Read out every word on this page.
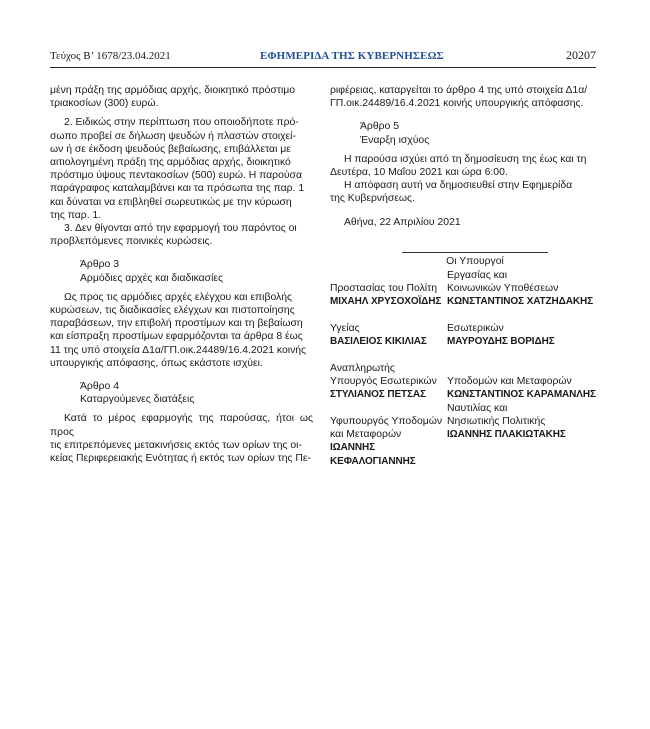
Τεύχος Β’ 1678/23.04.2021	ΕΦΗΜΕΡΙΔΑ ΤΗΣ ΚΥΒΕΡΝΗΣΕΩΣ	20207

μένη πράξη της αρμόδιας αρχής, διοικητικό πρόστιμο

τριακοσίων (300) ευρώ.

2. Ειδικώς στην περίπτωση που οποιοδήποτε πρό-

σωπο προβεί σε δήλωση ψευδών ή πλαστών στοιχεί-

ων ή σε έκδοση ψευδούς βεβαίωσης, επιβάλλεται με

αιτιολογημένη πράξη της αρμόδιας αρχής, διοικητικό

πρόστιμο ύψους πεντακοσίων (500) ευρώ. Η παρούσα

παράγραφος καταλαμβάνει και τα πρόσωπα της παρ. 1

και δύναται να επιβληθεί σωρευτικώς με την κύρωση

της παρ. 1.

3. Δεν θίγονται από την εφαρμογή του παρόντος οι

προβλεπόμενες ποινικές κυρώσεις.

Άρθρο 3

Αρμόδιες αρχές και διαδικασίες

Ως προς τις αρμόδιες αρχές ελέγχου και επιβολής

κυρώσεων, τις διαδικασίες ελέγχων και πιστοποίησης

παραβάσεων, την επιβολή προστίμων και τη βεβαίωση

και είσπραξη προστίμων εφαρμόζονται τα άρθρα 8 έως

11 της υπό στοιχεία Δ1α/ΓΠ.οικ.24489/16.4.2021 κοινής

υπουργικής απόφασης, όπως εκάστοτε ισχύει.

Άρθρο 4

Καταργούμενες διατάξεις

Κατά το μέρος εφαρμογής της παρούσας, ήτοι ως προς

τις επιτρεπόμενες μετακινήσεις εκτός των ορίων της οι-

κείας Περιφερειακής Ενότητας ή εκτός των ορίων της Πε-

ριφέρειας, καταργείται το άρθρο 4 της υπό στοιχεία Δ1α/

ΓΠ.οικ.24489/16.4.2021 κοινής υπουργικής απόφασης.

Άρθρο 5

Έναρξη ισχύος

Η παρούσα ισχύει από τη δημοσίευση της έως και τη

Δευτέρα, 10 Μαΐου 2021 και ώρα 6:00.

Η απόφαση αυτή να δημοσιευθεί στην Εφημερίδα

της Κυβερνήσεως.

Αθήνα, 22 Απριλίου 2021

Οι Υπουργοί
Προστασίας του Πολίτη
ΜΙΧΑΗΛ ΧΡΥΣΟΧΟΪΔΗΣ
Εργασίας και
Κοινωνικών Υποθέσεων
ΚΩΝΣΤΑΝΤΙΝΟΣ ΧΑΤΖΗΔΑΚΗΣ
Υγείας
ΒΑΣΙΛΕΙΟΣ ΚΙΚΙΛΙΑΣ
Εσωτερικών
ΜΑΥΡΟΥΔΗΣ ΒΟΡΙΔΗΣ
Αναπληρωτής
Υπουργός Εσωτερικών
ΣΤΥΛΙΑΝΟΣ ΠΕΤΣΑΣ
Υποδομών και Μεταφορών
ΚΩΝΣΤΑΝΤΙΝΟΣ ΚΑΡΑΜΑΝΛΗΣ
Υφυπουργός Υποδομών
και Μεταφορών
ΙΩΑΝΝΗΣ
ΚΕΦΑΛΟΓΙΑΝΝΗΣ
Ναυτιλίας και
Νησιωτικής Πολιτικής
ΙΩΑΝΝΗΣ ΠΛΑΚΙΩΤΑΚΗΣ
